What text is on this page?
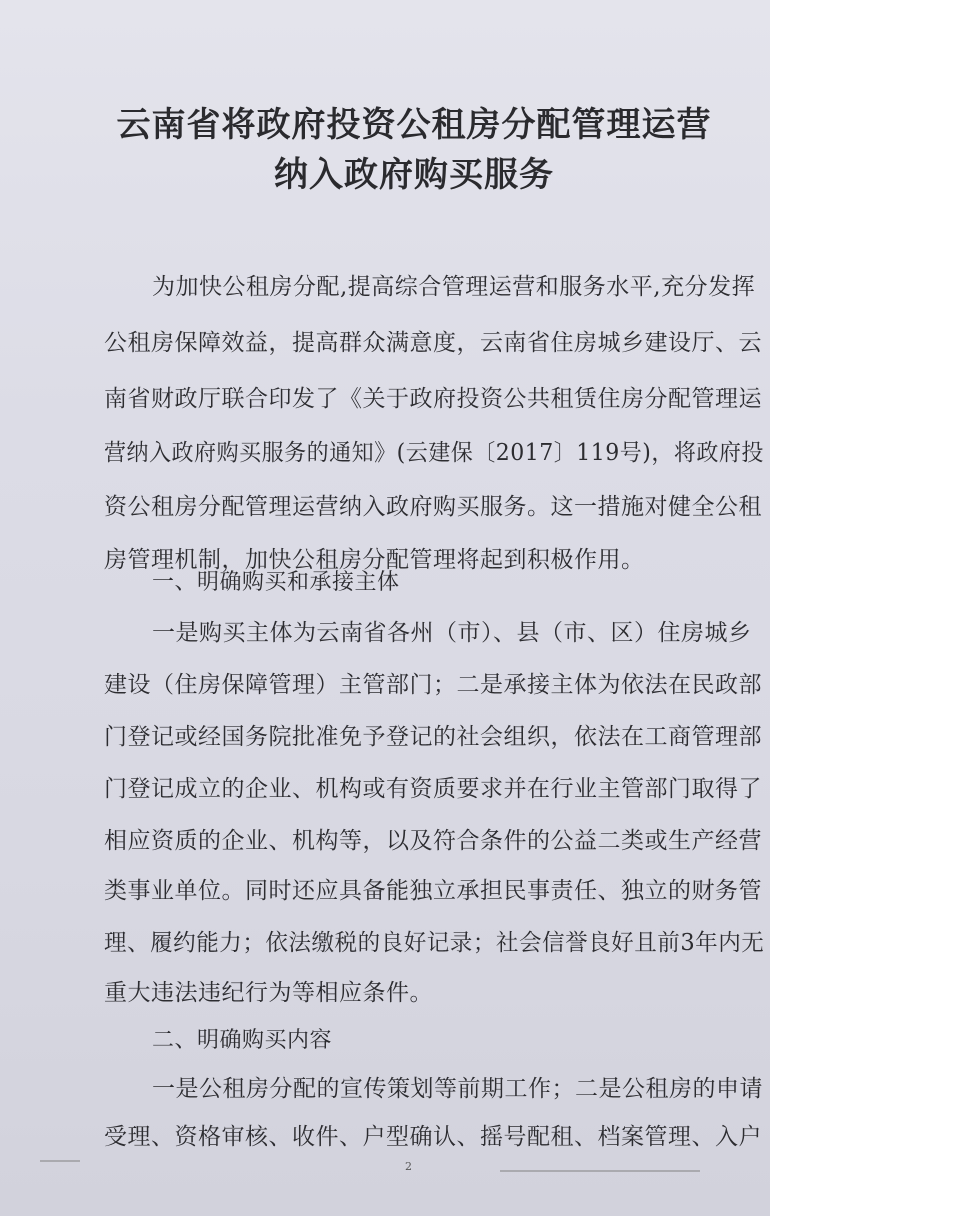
云南省将政府投资公租房分配管理运营
纳入政府购买服务
为加快公租房分配,提高综合管理运营和服务水平,充分发挥
公租房保障效益，提高群众满意度，云南省住房城乡建设厅、云
南省财政厅联合印发了《关于政府投资公共租赁住房分配管理运
营纳入政府购买服务的通知》(云建保〔2017〕119号)，将政府投
资公租房分配管理运营纳入政府购买服务。这一措施对健全公租
房管理机制，加快公租房分配管理将起到积极作用。
一、明确购买和承接主体
一是购买主体为云南省各州（市）、县（市、区）住房城乡
建设（住房保障管理）主管部门；二是承接主体为依法在民政部
门登记或经国务院批准免予登记的社会组织，依法在工商管理部
门登记成立的企业、机构或有资质要求并在行业主管部门取得了
相应资质的企业、机构等，以及符合条件的公益二类或生产经营
类事业单位。同时还应具备能独立承担民事责任、独立的财务管
理、履约能力；依法缴税的良好记录；社会信誉良好且前3年内无
重大违法违纪行为等相应条件。
二、明确购买内容
一是公租房分配的宣传策划等前期工作；二是公租房的申请
受理、资格审核、收件、户型确认、摇号配租、档案管理、入户
2
